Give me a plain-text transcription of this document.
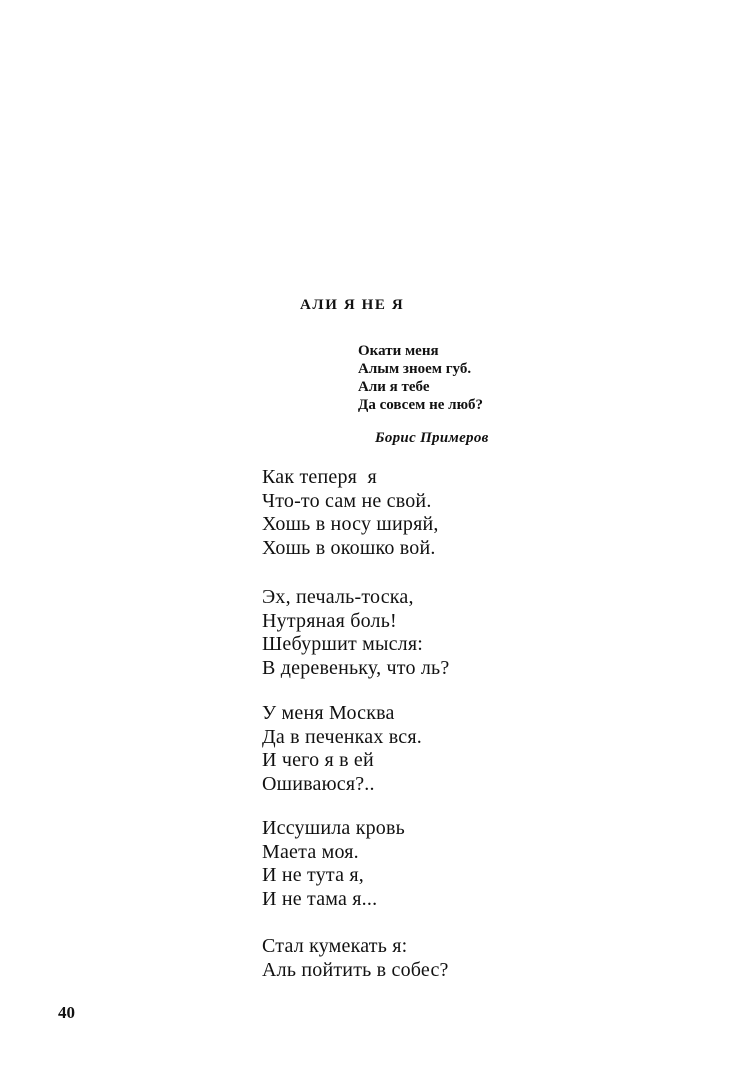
АЛИ Я НЕ Я
Окати меня
Алым зноем губ.
Али я тебе
Да совсем не люб?
Борис Примеров
Как теперя  я
Что-то сам не свой.
Хошь в носу ширяй,
Хошь в окошко вой.
Эх, печаль-тоска,
Нутряная боль!
Шебуршит мысля:
В деревеньку, что ль?
У меня Москва
Да в печенках вся.
И чего я в ей
Ошиваюся?..
Иссушила кровь
Маета моя.
И не тута я,
И не тама я...
Стал кумекать я:
Аль пойтить в собес?
40
